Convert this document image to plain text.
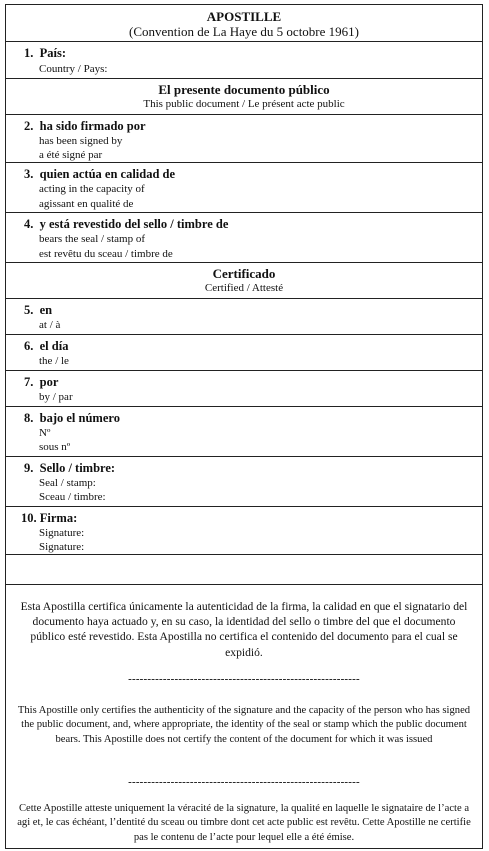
APOSTILLE
(Convention de La Haye du 5 octobre 1961)
1. País:
Country / Pays:
El presente documento público
This public document / Le présent acte public
2. ha sido firmado por
has been signed by
a été signé par
3. quien actúa en calidad de
acting in the capacity of
agissant en qualité de
4. y está revestido del sello / timbre de
bears the seal / stamp of
est revêtu du sceau / timbre de
Certificado
Certified / Attesté
5. en
at / à
6. el día
the / le
7. por
by / par
8. bajo el número
Nº
sous nº
9. Sello / timbre:
Seal / stamp:
Sceau / timbre:
10. Firma:
Signature:
Signature:
Esta Apostilla certifica únicamente la autenticidad de la firma, la calidad en que el signatario del documento haya actuado y, en su caso, la identidad del sello o timbre del que el documento público esté revestido. Esta Apostilla no certifica el contenido del documento para el cual se expidió.
------------------------------------------------------------
This Apostille only certifies the authenticity of the signature and the capacity of the person who has signed the public document, and, where appropriate, the identity of the seal or stamp which the public document bears. This Apostille does not certify the content of the document for which it was issued
------------------------------------------------------------
Cette Apostille atteste uniquement la véracité de la signature, la qualité en laquelle le signataire de l’acte a agi et, le cas échéant, l’dentité du sceau ou timbre dont cet acte public est revêtu. Cette Apostille ne certifie pas le contenu de l’acte pour lequel elle a été émise.
